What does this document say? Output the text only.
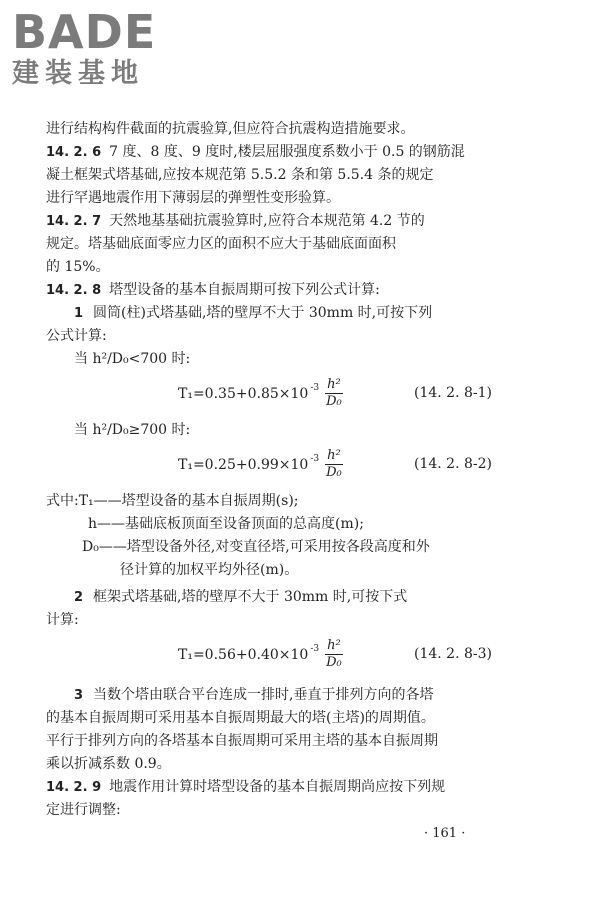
BADE
建装基地
进行结构构件截面的抗震验算,但应符合抗震构造措施要求。
14. 2. 6 7 度、8 度、9 度时,楼层屈服强度系数小于 0.5 的钢筋混
凝土框架式塔基础,应按本规范第 5.5.2 条和第 5.5.4 条的规定
进行罕遇地震作用下薄弱层的弹塑性变形验算。
14. 2. 7 天然地基基础抗震验算时,应符合本规范第 4.2 节的
规定。塔基础底面零应力区的面积不应大于基础底面面积
的 15%。
14. 2. 8 塔型设备的基本自振周期可按下列公式计算:
1 圆筒(柱)式塔基础,塔的壁厚不大于 30mm 时,可按下列
公式计算:
当 h²/D₀<700 时:
T₁=0.35+0.85×10 $-3 \frac{\text{h²}}{\text{D₀}}$	(14. 2. 8-1)
当 h²/D₀≥700 时:
T₁=0.25+0.99×10 $-3 \frac{\text{h²}}{\text{D₀}}$	(14. 2. 8-2)
式中:T₁——塔型设备的基本自振周期(s);
h——基础底板顶面至设备顶面的总高度(m);
D₀——塔型设备外径,对变直径塔,可采用按各段高度和外
径计算的加权平均外径(m)。
2 框架式塔基础,塔的壁厚不大于 30mm 时,可按下式
计算:
T₁=0.56+0.40×10 $-3 \frac{\text{h²}}{\text{D₀}}$	(14. 2. 8-3)
3 当数个塔由联合平台连成一排时,垂直于排列方向的各塔
的基本自振周期可采用基本自振周期最大的塔(主塔)的周期值。
平行于排列方向的各塔基本自振周期可采用主塔的基本自振周期
乘以折减系数 0.9。
14. 2. 9 地震作用计算时塔型设备的基本自振周期尚应按下列规
定进行调整:
· 161 ·
